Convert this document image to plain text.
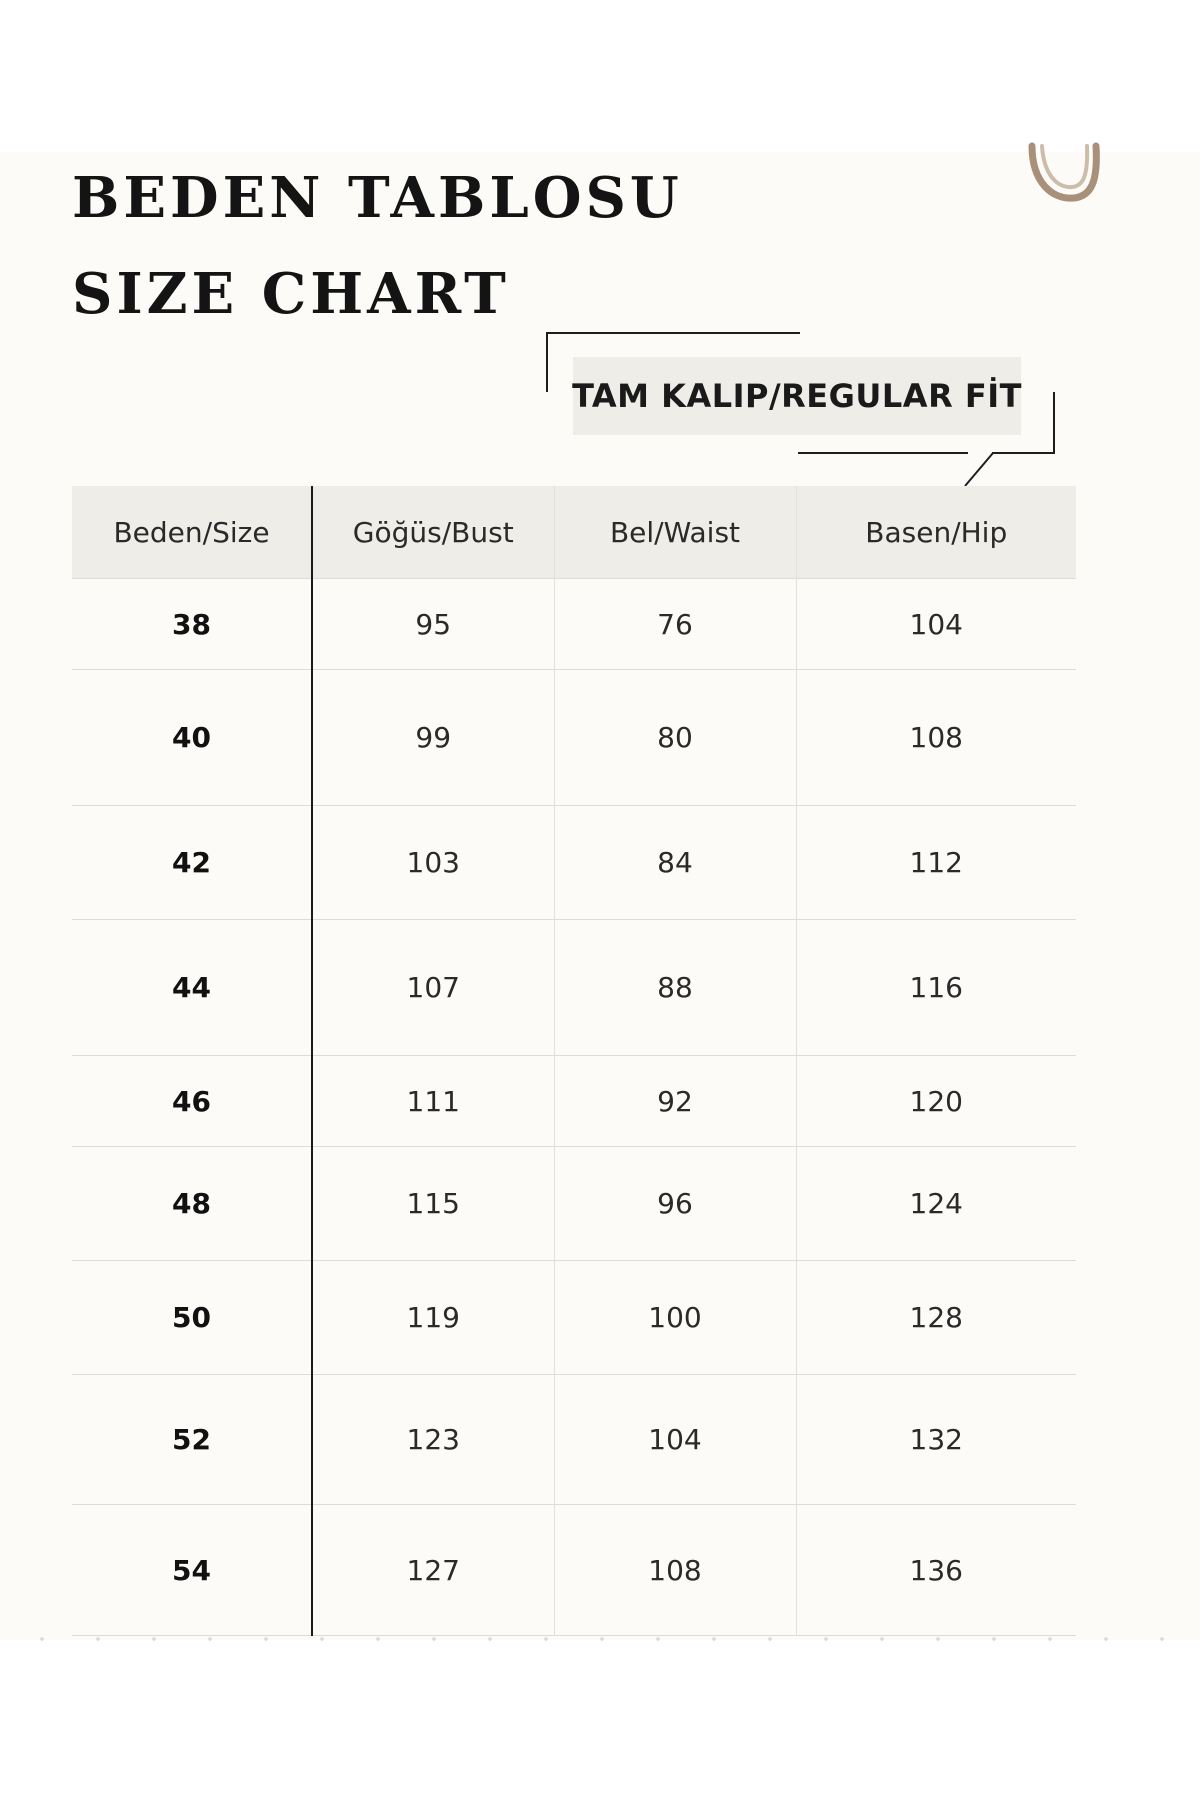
BEDEN TABLOSU
SIZE CHART
TAM KALIP/REGULAR FİT
Beden/Size	Göğüs/Bust	Bel/Waist	Basen/Hip
38	95	76	104
40	99	80	108
42	103	84	112
44	107	88	116
46	111	92	120
48	115	96	124
50	119	100	128
52	123	104	132
54	127	108	136
